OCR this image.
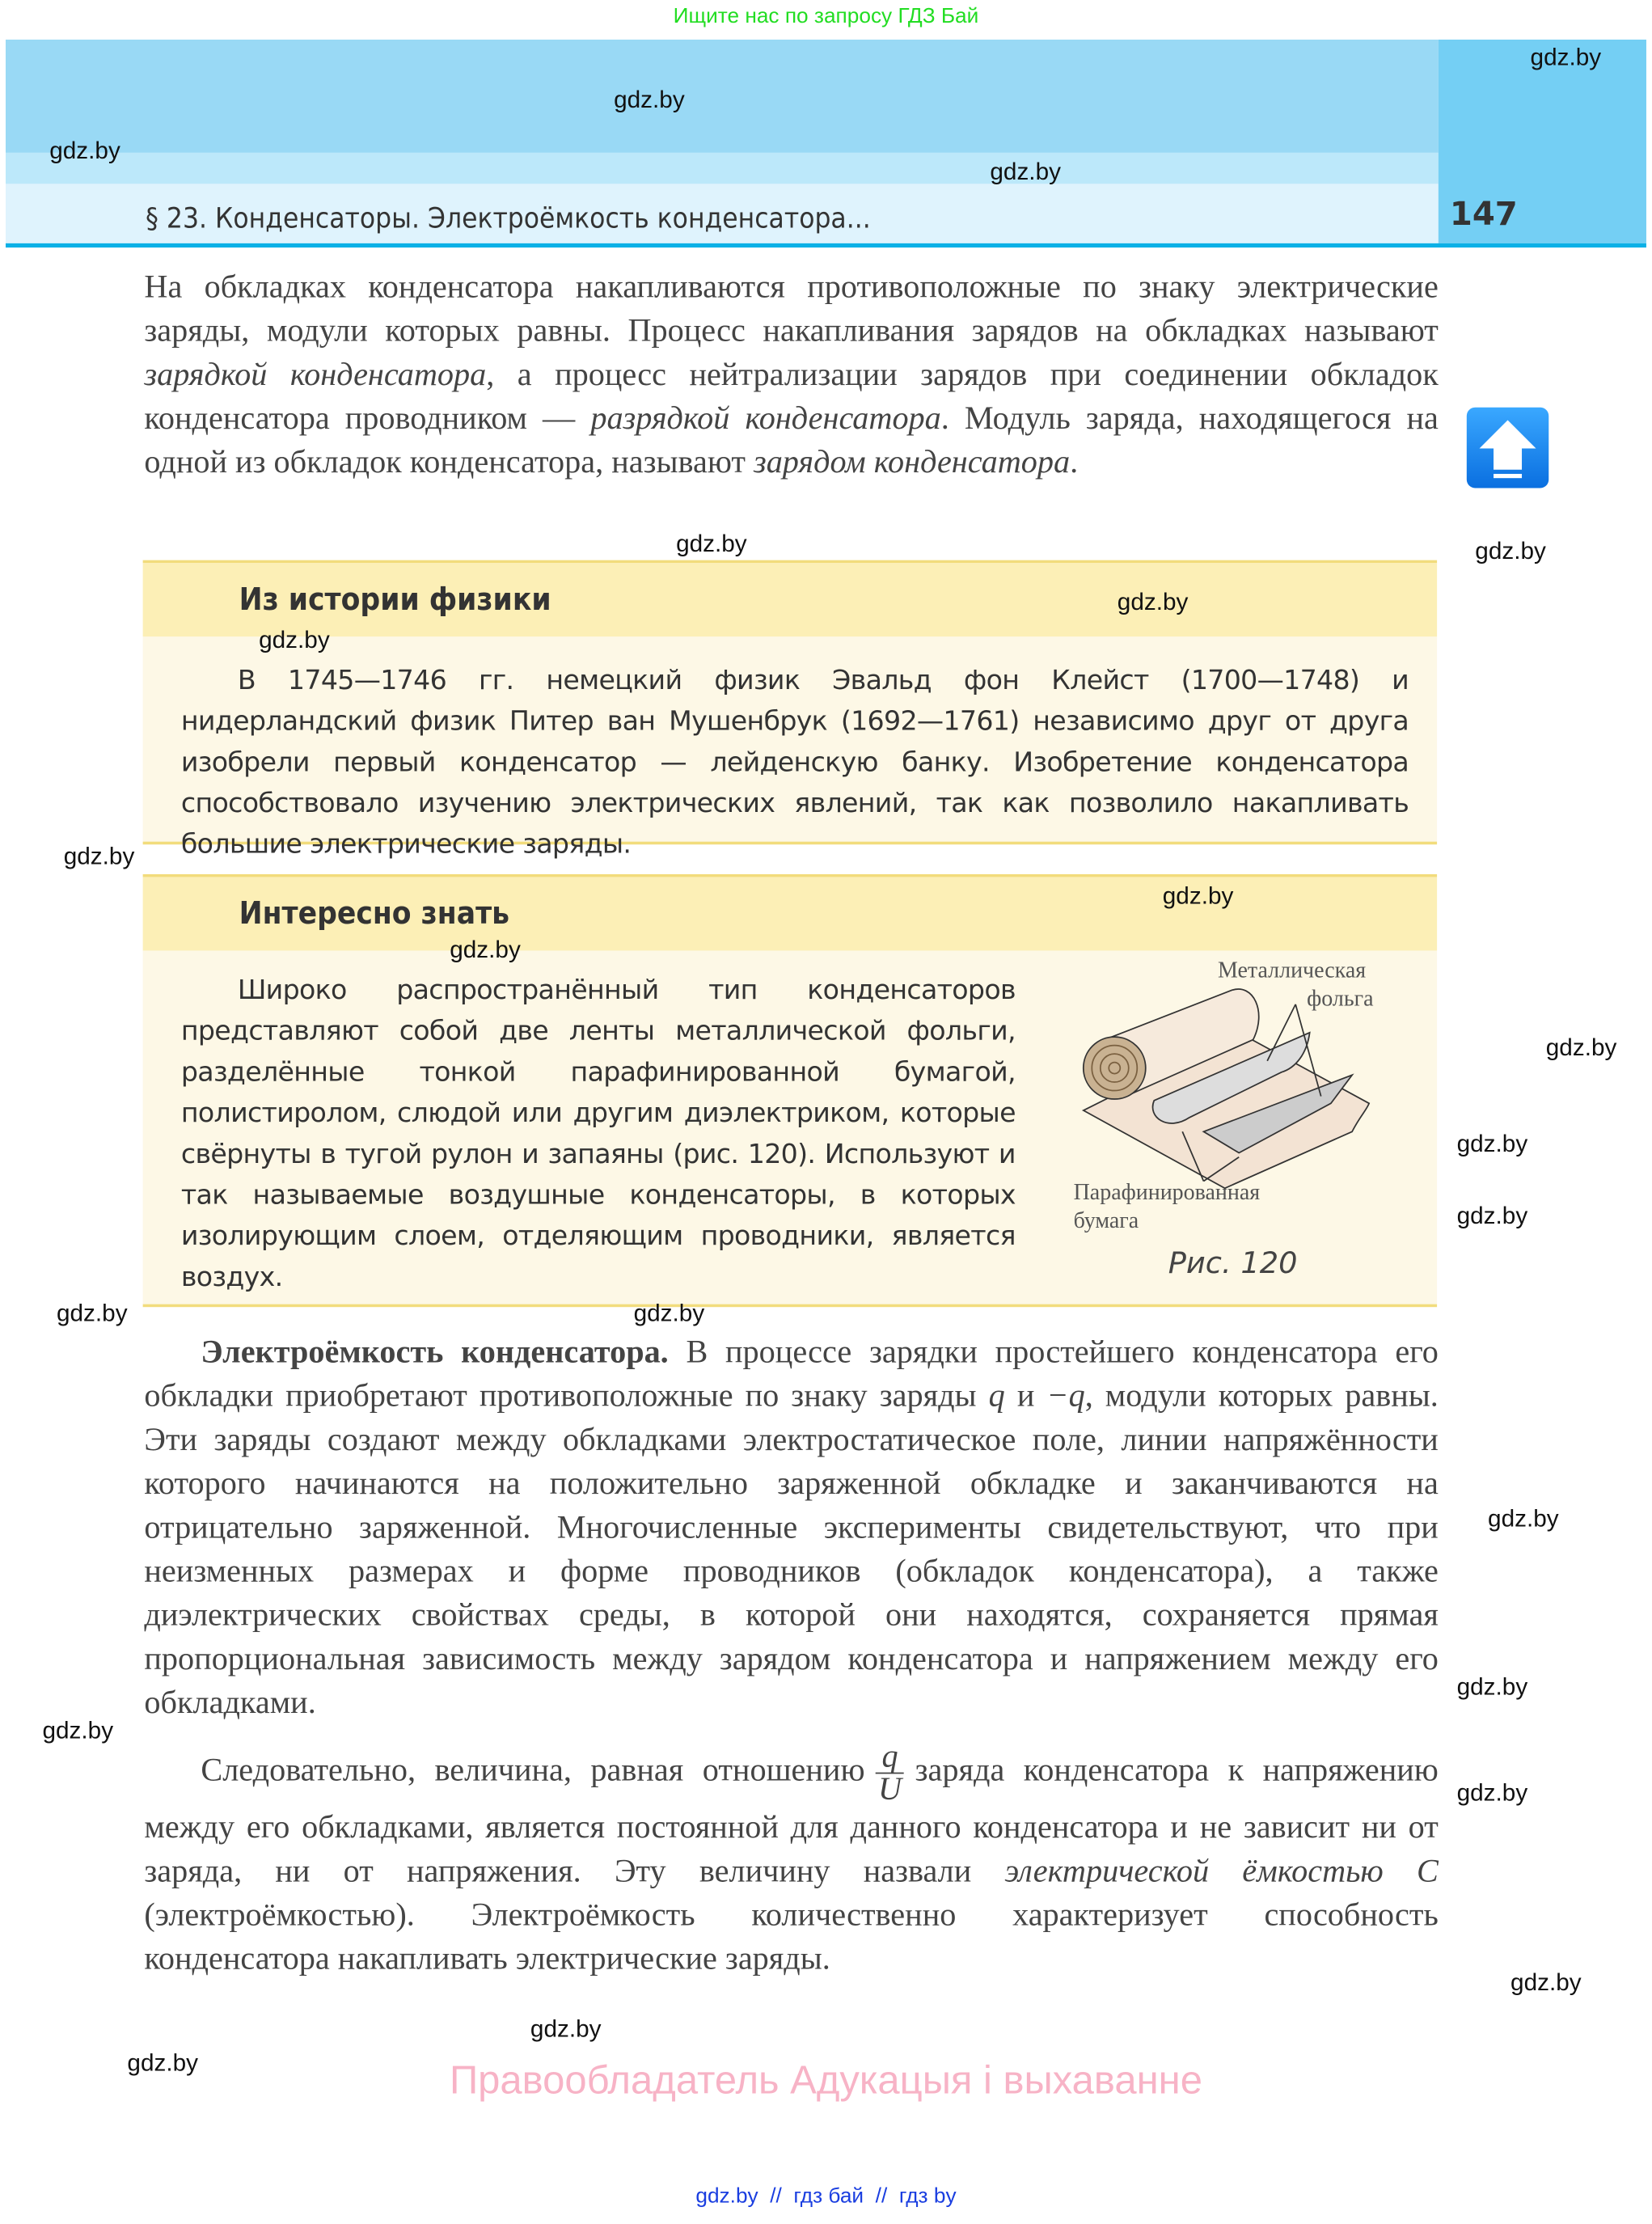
Ищите нас по запросу ГДЗ Бай
§ 23. Конденсаторы. Электроёмкость конденсатора...	147
На обкладках конденсатора накапливаются противоположные по знаку электрические заряды, модули которых равны. Процесс накапливания зарядов на обкладках называют зарядкой конденсатора, а процесс нейтрализации зарядов при соединении обкладок конденсатора проводником — разрядкой конденсатора. Модуль заряда, находящегося на одной из обкладок конденсатора, называют зарядом конденсатора.
Из истории физики
В 1745—1746 гг. немецкий физик Эвальд фон Клейст (1700—1748) и нидерландский физик Питер ван Мушенбрук (1692—1761) независимо друг от друга изобрели первый конденсатор — лейденскую банку. Изобретение конденсатора способствовало изучению электрических явлений, так как позволило накапливать большие электрические заряды.
Интересно знать
Широко распространённый тип конденсаторов представляют собой две ленты металлической фольги, разделённые тонкой парафинированной бумагой, полистиролом, слюдой или другим диэлектриком, которые свёрнуты в тугой рулон и запаяны (рис. 120). Используют и так называемые воздушные конденсаторы, в которых изолирующим слоем, отделяющим проводники, является воздух.
Металлическая
фольга
Парафинированная
бумага
Рис. 120
Электроёмкость конденсатора. В процессе зарядки простейшего конденсатора его обкладки приобретают противоположные по знаку заряды q и −q, модули которых равны. Эти заряды создают между обкладками электростатическое поле, линии напряжённости которого начинаются на положительно заряженной обкладке и заканчиваются на отрицательно заряженной. Многочисленные эксперименты свидетельствуют, что при неизменных размерах и форме проводников (обкладок конденсатора), а также диэлектрических свойствах среды, в которой они находятся, сохраняется прямая пропорциональная зависимость между зарядом конденсатора и напряжением между его обкладками.
Следовательно, величина, равная отношению $\frac{q}{U}$ заряда конденсатора к напряжению между его обкладками, является постоянной для данного конденсатора и не зависит ни от заряда, ни от напряжения. Эту величину назвали электрической ёмкостью C (электроёмкостью). Электроёмкость количественно характеризует способность конденсатора накапливать электрические заряды.
Правообладатель Адукацыя і выхаванне
gdz.by  //  гдз бай  //  гдз by
gdz.by
gdz.by
gdz.by
gdz.by
gdz.by	gdz.by
gdz.by
gdz.by
gdz.by
gdz.by
gdz.by
gdz.by
gdz.by
gdz.by
gdz.by
gdz.by
gdz.by
gdz.by
gdz.by
gdz.by
gdz.by
gdz.by
gdz.by
